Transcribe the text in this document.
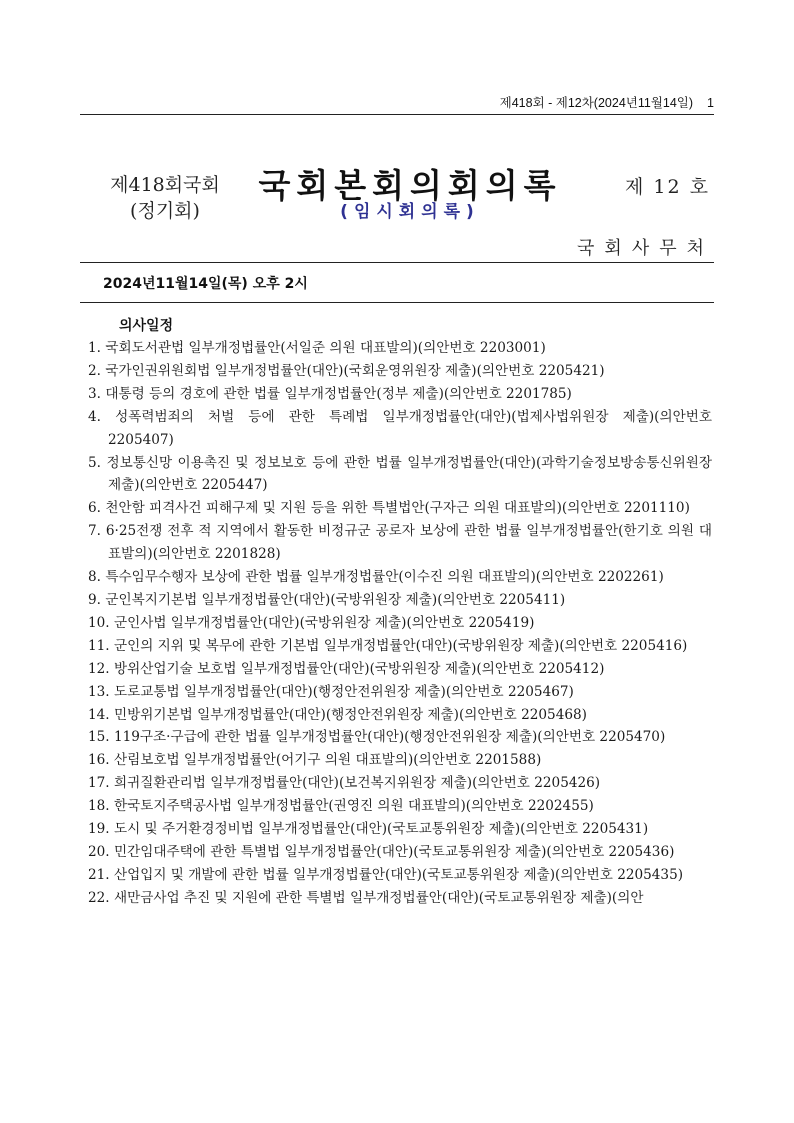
제418회 - 제12차(2024년11월14일) 1
제418회국회
(정기회)
국회본회의회의록
(임시회의록)
제 12 호
국회사무처
2024년11월14일(목) 오후 2시
의사일정
1. 국회도서관법 일부개정법률안(서일준 의원 대표발의)(의안번호 2203001)
2. 국가인권위원회법 일부개정법률안(대안)(국회운영위원장 제출)(의안번호 2205421)
3. 대통령 등의 경호에 관한 법률 일부개정법률안(정부 제출)(의안번호 2201785)
4. 성폭력범죄의 처벌 등에 관한 특례법 일부개정법률안(대안)(법제사법위원장 제출)(의안번호 2205407)
5. 정보통신망 이용촉진 및 정보보호 등에 관한 법률 일부개정법률안(대안)(과학기술정보방송통신위원장 제출)(의안번호 2205447)
6. 천안함 피격사건 피해구제 및 지원 등을 위한 특별법안(구자근 의원 대표발의)(의안번호 2201110)
7. 6·25전쟁 전후 적 지역에서 활동한 비정규군 공로자 보상에 관한 법률 일부개정법률안(한기호 의원 대표발의)(의안번호 2201828)
8. 특수임무수행자 보상에 관한 법률 일부개정법률안(이수진 의원 대표발의)(의안번호 2202261)
9. 군인복지기본법 일부개정법률안(대안)(국방위원장 제출)(의안번호 2205411)
10. 군인사법 일부개정법률안(대안)(국방위원장 제출)(의안번호 2205419)
11. 군인의 지위 및 복무에 관한 기본법 일부개정법률안(대안)(국방위원장 제출)(의안번호 2205416)
12. 방위산업기술 보호법 일부개정법률안(대안)(국방위원장 제출)(의안번호 2205412)
13. 도로교통법 일부개정법률안(대안)(행정안전위원장 제출)(의안번호 2205467)
14. 민방위기본법 일부개정법률안(대안)(행정안전위원장 제출)(의안번호 2205468)
15. 119구조·구급에 관한 법률 일부개정법률안(대안)(행정안전위원장 제출)(의안번호 2205470)
16. 산림보호법 일부개정법률안(어기구 의원 대표발의)(의안번호 2201588)
17. 희귀질환관리법 일부개정법률안(대안)(보건복지위원장 제출)(의안번호 2205426)
18. 한국토지주택공사법 일부개정법률안(권영진 의원 대표발의)(의안번호 2202455)
19. 도시 및 주거환경정비법 일부개정법률안(대안)(국토교통위원장 제출)(의안번호 2205431)
20. 민간임대주택에 관한 특별법 일부개정법률안(대안)(국토교통위원장 제출)(의안번호 2205436)
21. 산업입지 및 개발에 관한 법률 일부개정법률안(대안)(국토교통위원장 제출)(의안번호 2205435)
22. 새만금사업 추진 및 지원에 관한 특별법 일부개정법률안(대안)(국토교통위원장 제출)(의안
